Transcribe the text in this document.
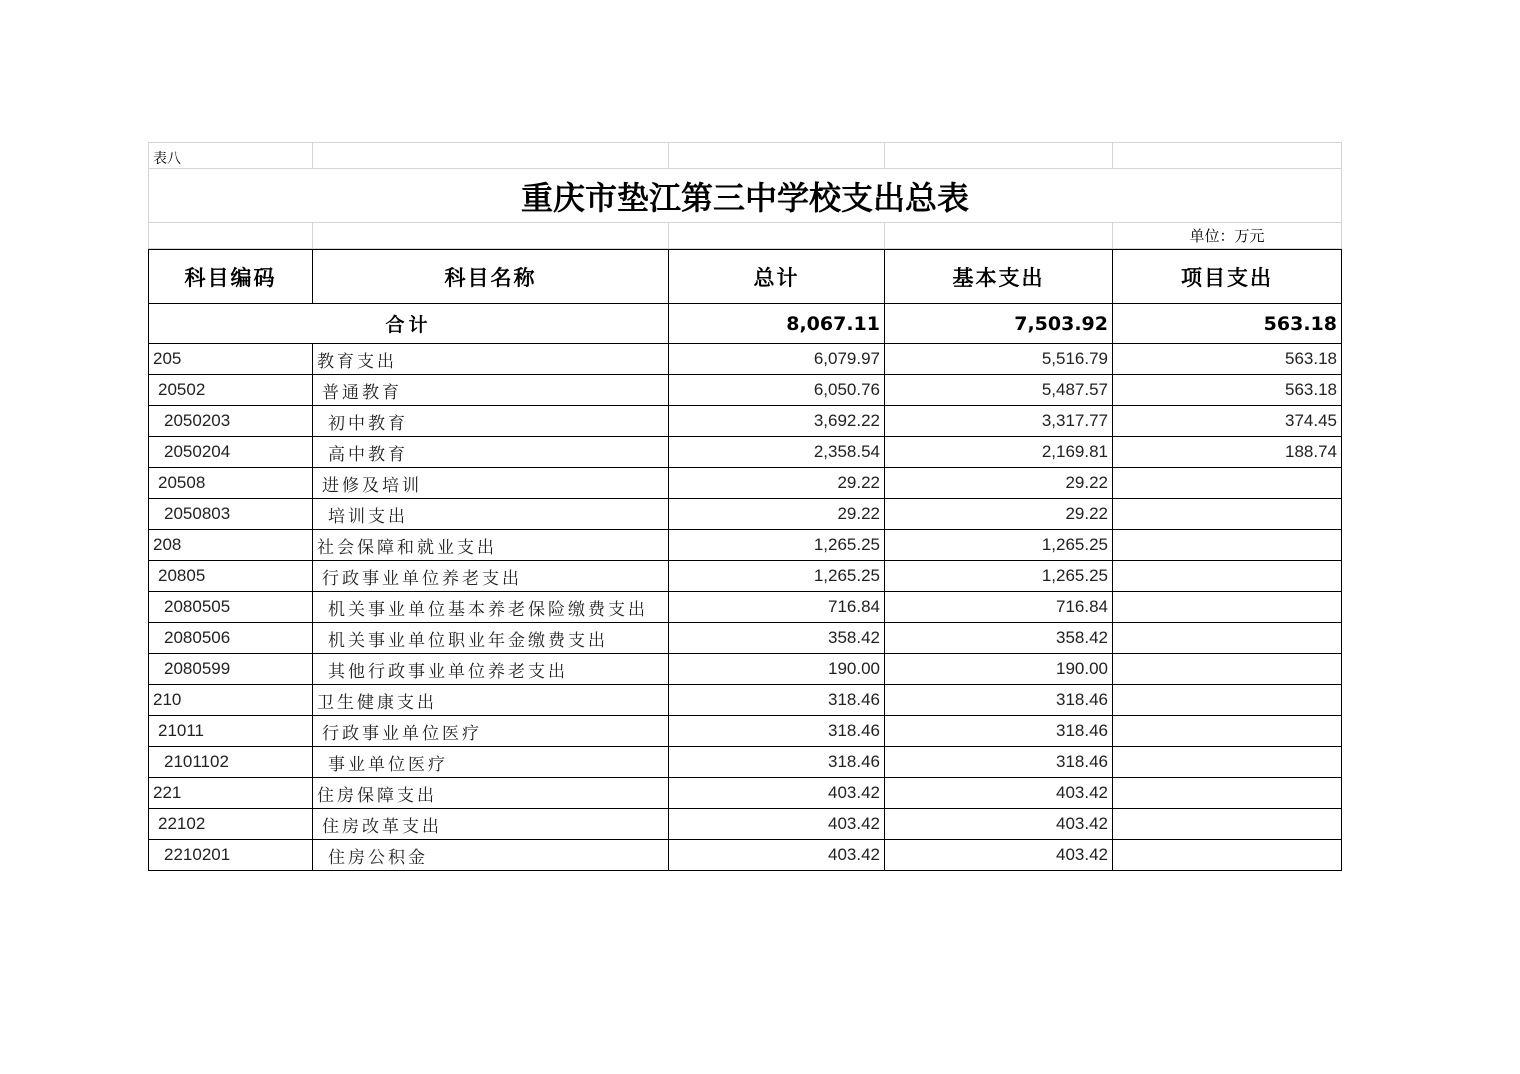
表八				
重庆市垫江第三中学校支出总表				
				单位：万元
科目编码	科目名称	总计	基本支出	项目支出
合计		8,067.11	7,503.92	563.18
205	教育支出	6,079.97	5,516.79	563.18
20502	普通教育	6,050.76	5,487.57	563.18
2050203	初中教育	3,692.22	3,317.77	374.45
2050204	高中教育	2,358.54	2,169.81	188.74
20508	进修及培训	29.22	29.22	
2050803	培训支出	29.22	29.22	
208	社会保障和就业支出	1,265.25	1,265.25	
20805	行政事业单位养老支出	1,265.25	1,265.25	
2080505	机关事业单位基本养老保险缴费支出	716.84	716.84	
2080506	机关事业单位职业年金缴费支出	358.42	358.42	
2080599	其他行政事业单位养老支出	190.00	190.00	
210	卫生健康支出	318.46	318.46	
21011	行政事业单位医疗	318.46	318.46	
2101102	事业单位医疗	318.46	318.46	
221	住房保障支出	403.42	403.42	
22102	住房改革支出	403.42	403.42	
2210201	住房公积金	403.42	403.42	
